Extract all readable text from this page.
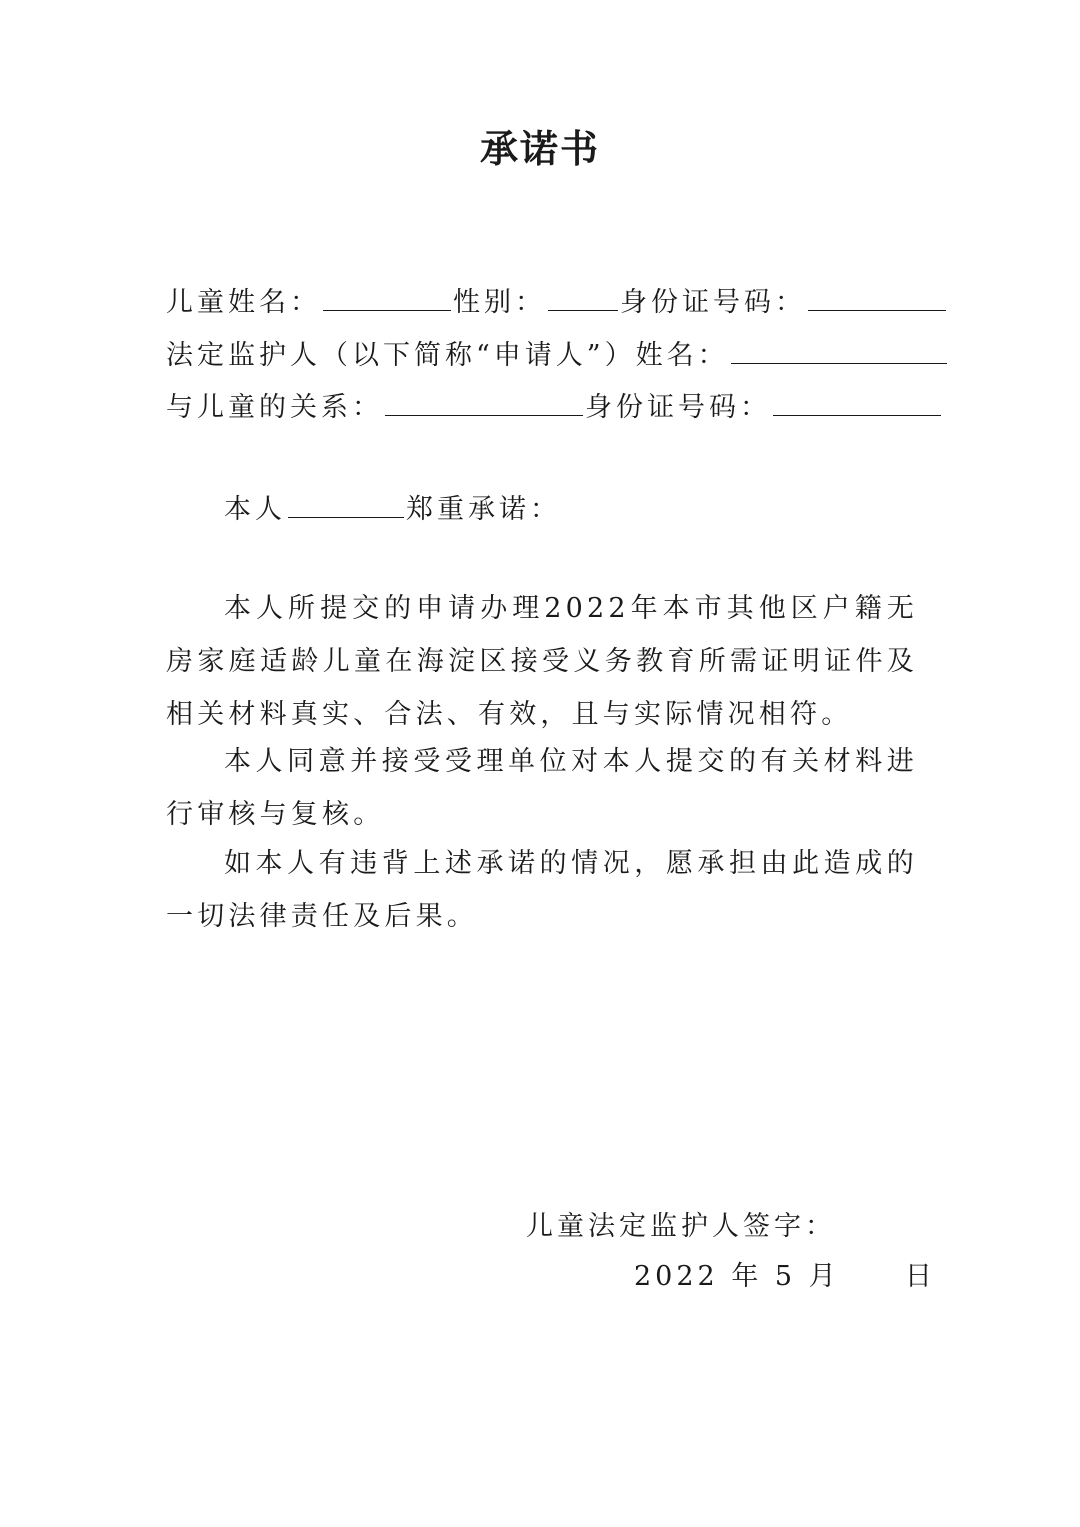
承诺书
儿童姓名：	性别：	身份证号码：
法定监护人（以下简称“申请人”）姓名：
与儿童的关系：	身份证号码：
本人	郑重承诺：
本人所提交的申请办理2022年本市其他区户籍无房家庭适龄儿童在海淀区接受义务教育所需证明证件及相关材料真实、合法、有效，且与实际情况相符。
本人同意并接受受理单位对本人提交的有关材料进行审核与复核。
如本人有违背上述承诺的情况，愿承担由此造成的一切法律责任及后果。
儿童法定监护人签字：
2022 年 5 月 日
